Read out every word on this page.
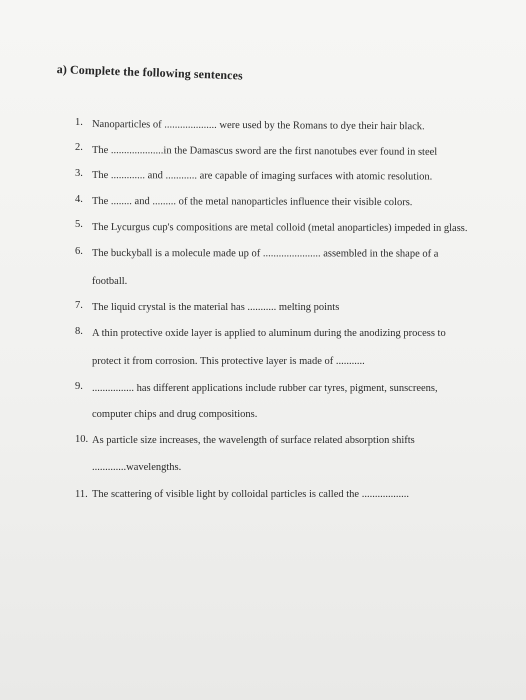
a) Complete the following sentences
1. Nanoparticles of .................... were used by the Romans to dye their hair black.
2. The ....................in the Damascus sword are the first nanotubes ever found in steel
3. The ............. and ............ are capable of imaging surfaces with atomic resolution.
4. The ........ and ......... of the metal nanoparticles influence their visible colors.
5. The Lycurgus cup's compositions are metal colloid (metal anoparticles) impeded in glass.
6. The buckyball is a molecule made up of ...................... assembled in the shape of a
football.
7. The liquid crystal is the material has ........... melting points
8. A thin protective oxide layer is applied to aluminum during the anodizing process to
protect it from corrosion. This protective layer is made of ...........
9. ................ has different applications include rubber car tyres, pigment, sunscreens,
computer chips and drug compositions.
10. As particle size increases, the wavelength of surface related absorption shifts
.............wavelengths.
11. The scattering of visible light by colloidal particles is called the ..................
